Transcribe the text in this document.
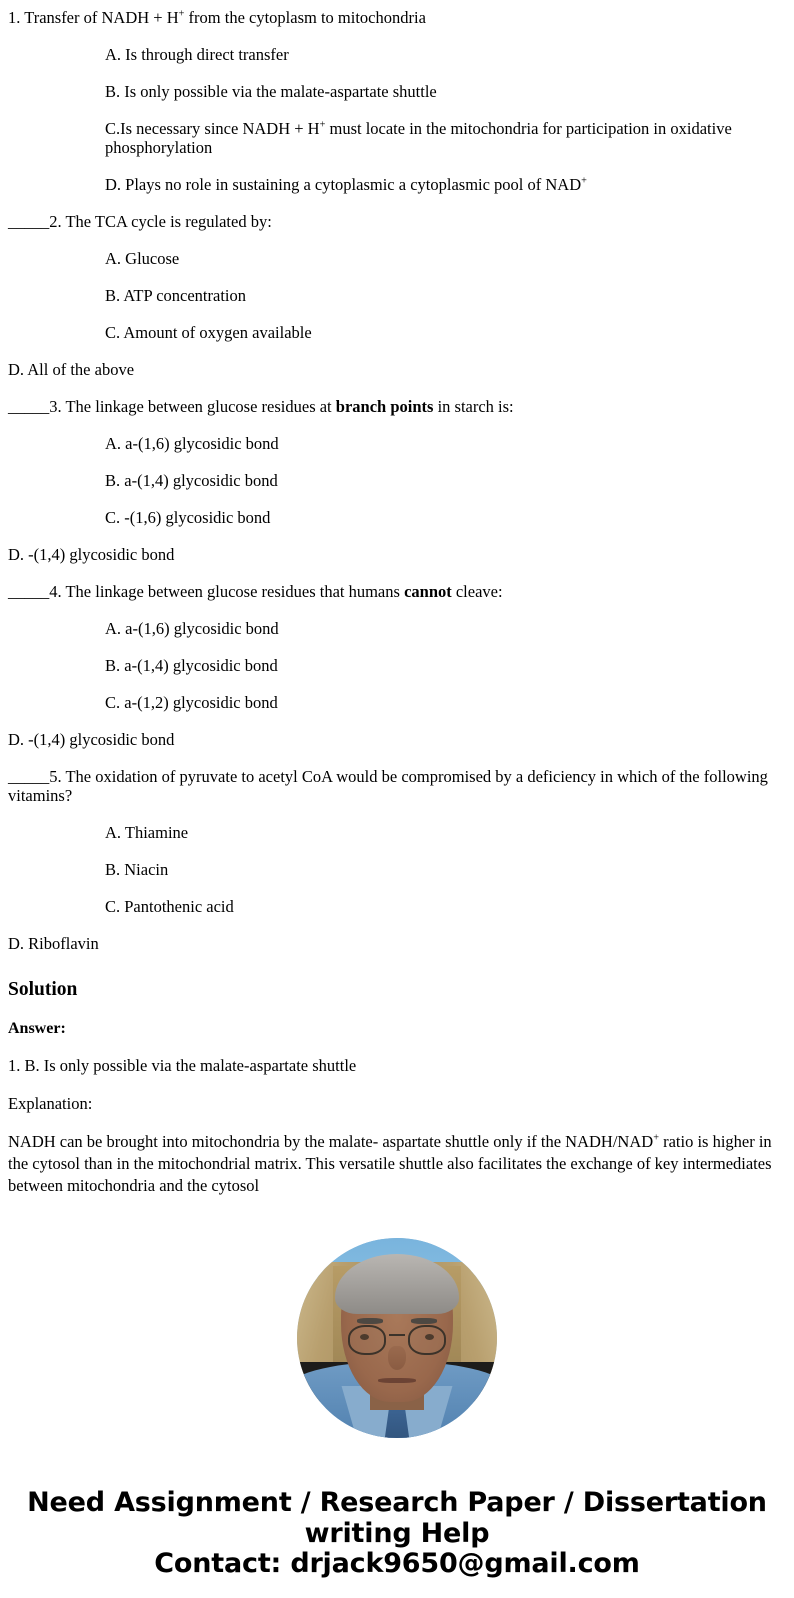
1. Transfer of NADH + H+ from the cytoplasm to mitochondria

A. Is through direct transfer

B. Is only possible via the malate-aspartate shuttle

C.Is necessary since NADH + H+ must locate in the mitochondria for participation in oxidative phosphorylation

D. Plays no role in sustaining a cytoplasmic a cytoplasmic pool of NAD+

_____2. The TCA cycle is regulated by:

A. Glucose

B. ATP concentration

C. Amount of oxygen available

D. All of the above

_____3. The linkage between glucose residues at branch points in starch is:

A. a-(1,6) glycosidic bond

B. a-(1,4) glycosidic bond

C. -(1,6) glycosidic bond

D. -(1,4) glycosidic bond

_____4. The linkage between glucose residues that humans cannot cleave:

A. a-(1,6) glycosidic bond

B. a-(1,4) glycosidic bond

C. a-(1,2) glycosidic bond

D. -(1,4) glycosidic bond

_____5. The oxidation of pyruvate to acetyl CoA would be compromised by a deficiency in which of the following vitamins?

A. Thiamine

B. Niacin

C. Pantothenic acid

D. Riboflavin

Solution

Answer:

1. B. Is only possible via the malate-aspartate shuttle

Explanation:

NADH can be brought into mitochondria by the malate- aspartate shuttle only if the NADH/NAD+ ratio is higher in the cytosol than in the mitochondrial matrix. This versatile shuttle also facilitates the exchange of key intermediates between mitochondria and the cytosol

Need Assignment / Research Paper / Dissertation
writing Help
Contact: drjack9650@gmail.com
